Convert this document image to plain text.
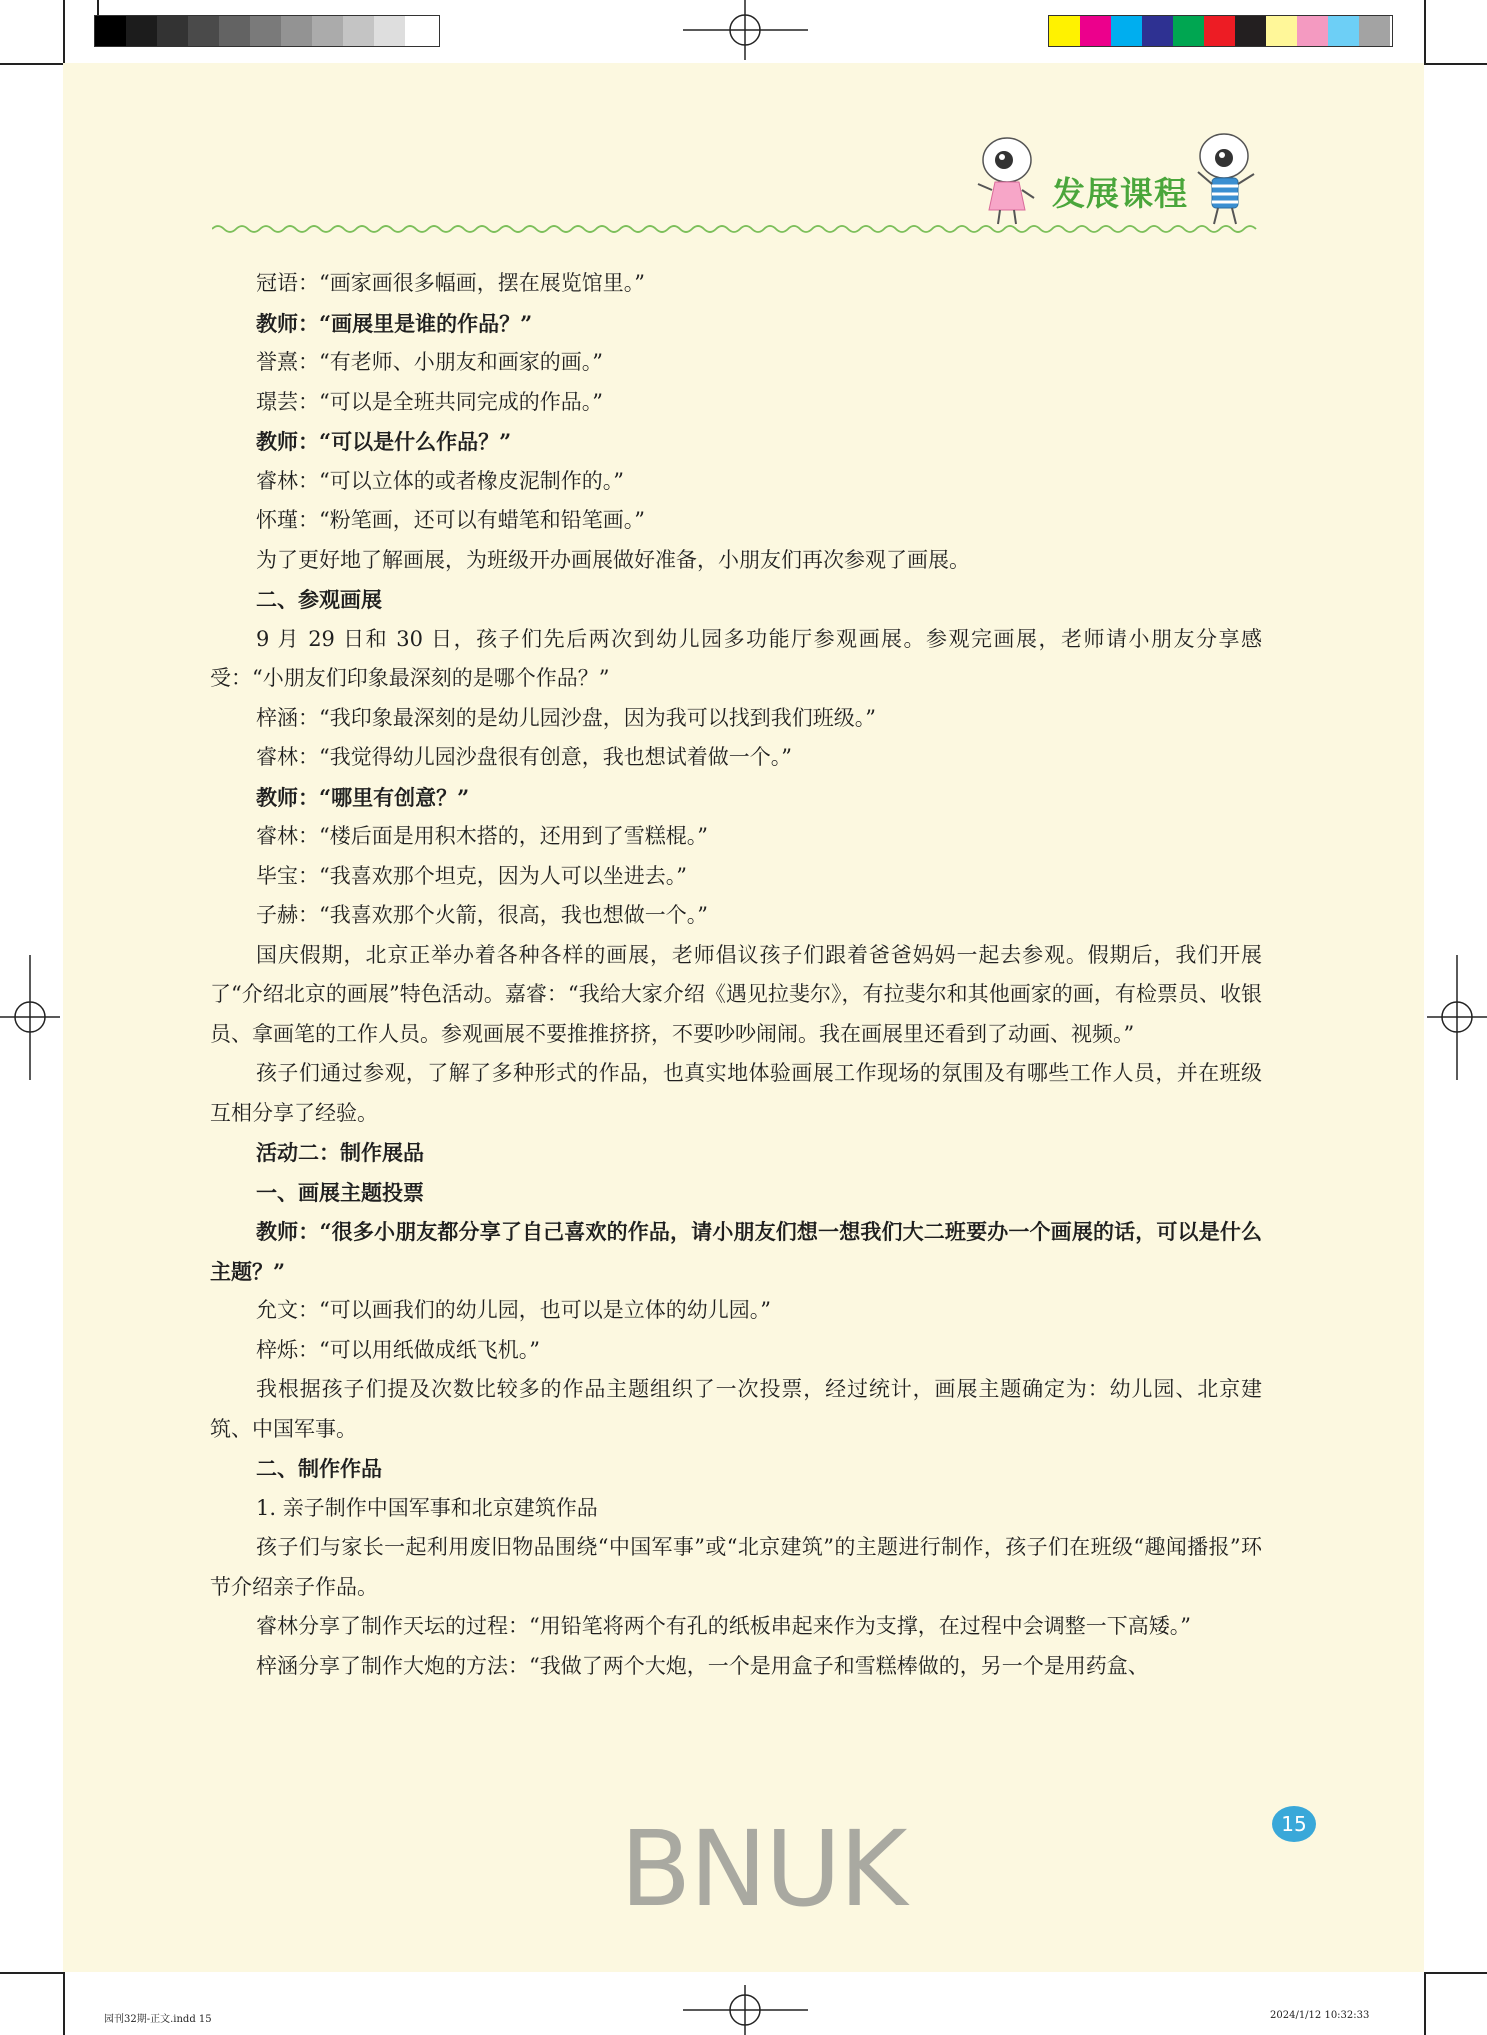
发展课程

冠语：“画家画很多幅画，摆在展览馆里。”

教师：“画展里是谁的作品？”

誉熹：“有老师、小朋友和画家的画。”

璟芸：“可以是全班共同完成的作品。”

教师：“可以是什么作品？”

睿林：“可以立体的或者橡皮泥制作的。”

怀瑾：“粉笔画，还可以有蜡笔和铅笔画。”

为了更好地了解画展，为班级开办画展做好准备，小朋友们再次参观了画展。

二、参观画展

9 月 29 日和 30 日，孩子们先后两次到幼儿园多功能厅参观画展。参观完画展，老师请小朋友分享感受：“小朋友们印象最深刻的是哪个作品？”

梓涵：“我印象最深刻的是幼儿园沙盘，因为我可以找到我们班级。”

睿林：“我觉得幼儿园沙盘很有创意，我也想试着做一个。”

教师：“哪里有创意？”

睿林：“楼后面是用积木搭的，还用到了雪糕棍。”

毕宝：“我喜欢那个坦克，因为人可以坐进去。”

子赫：“我喜欢那个火箭，很高，我也想做一个。”

国庆假期，北京正举办着各种各样的画展，老师倡议孩子们跟着爸爸妈妈一起去参观。假期后，我们开展了“介绍北京的画展”特色活动。嘉睿：“我给大家介绍《遇见拉斐尔》，有拉斐尔和其他画家的画，有检票员、收银员、拿画笔的工作人员。参观画展不要推推挤挤，不要吵吵闹闹。我在画展里还看到了动画、视频。”

孩子们通过参观，了解了多种形式的作品，也真实地体验画展工作现场的氛围及有哪些工作人员，并在班级互相分享了经验。

活动二：制作展品

一、画展主题投票

教师：“很多小朋友都分享了自己喜欢的作品，请小朋友们想一想我们大二班要办一个画展的话，可以是什么主题？”

允文：“可以画我们的幼儿园，也可以是立体的幼儿园。”

梓烁：“可以用纸做成纸飞机。”

我根据孩子们提及次数比较多的作品主题组织了一次投票，经过统计，画展主题确定为：幼儿园、北京建筑、中国军事。

二、制作作品

1. 亲子制作中国军事和北京建筑作品

孩子们与家长一起利用废旧物品围绕“中国军事”或“北京建筑”的主题进行制作，孩子们在班级“趣闻播报”环节介绍亲子作品。

睿林分享了制作天坛的过程：“用铅笔将两个有孔的纸板串起来作为支撑，在过程中会调整一下高矮。”

梓涵分享了制作大炮的方法：“我做了两个大炮，一个是用盒子和雪糕棒做的，另一个是用药盒、

15
BNUK
园刊32期-正文.indd 15	2024/1/12 10:32:33
